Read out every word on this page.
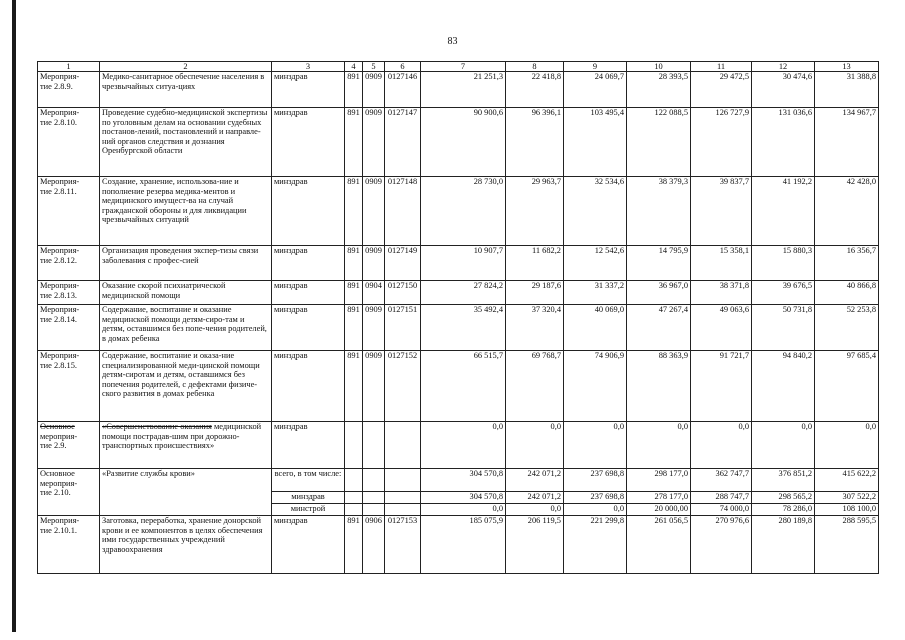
83
1	2	3	4	5	6	7	8	9	10	11	12	13
Мероприя-
тие 2.8.9.	Медико-санитарное обеспечение населения в чрезвычайных ситуа-циях	минздрав	891	0909	0127146	21 251,3	22 418,8	24 069,7	28 393,5	29 472,5	30 474,6	31 388,8
Мероприя-
тие 2.8.10.	Проведение судебно-медицинской экспертизы по уголовным делам на основании судебных постанов-лений, постановлений и направле-ний органов следствия и дознания Оренбургской области	минздрав	891	0909	0127147	90 900,6	96 396,1	103 495,4	122 088,5	126 727,9	131 036,6	134 967,7
Мероприя-
тие 2.8.11.	Создание, хранение, использова-ние и пополнение резерва медика-ментов и медицинского имущест-ва на случай гражданской обороны и для ликвидации чрезвычайных ситуаций	минздрав	891	0909	0127148	28 730,0	29 963,7	32 534,6	38 379,3	39 837,7	41 192,2	42 428,0
Мероприя-
тие 2.8.12.	Организация проведения экспер-тизы связи заболевания с профес-сией	минздрав	891	0909	0127149	10 907,7	11 682,2	12 542,6	14 795,9	15 358,1	15 880,3	16 356,7
Мероприя-
тие 2.8.13.	Оказание скорой психиатрической медицинской помощи	минздрав	891	0904	0127150	27 824,2	29 187,6	31 337,2	36 967,0	38 371,8	39 676,5	40 866,8
Мероприя-
тие 2.8.14.	Содержание, воспитание и оказание медицинской помощи детям-сиро-там и детям, оставшимся без попе-чения родителей, в домах ребенка	минздрав	891	0909	0127151	35 492,4	37 320,4	40 069,0	47 267,4	49 063,6	50 731,8	52 253,8
Мероприя-
тие 2.8.15.	Содержание, воспитание и оказа-ние специализированной меди-цинской помощи детям-сиротам и детям, оставшимся без попечения родителей, с дефектами физиче-ского развития в домах ребенка	минздрав	891	0909	0127152	66 515,7	69 768,7	74 906,9	88 363,9	91 721,7	94 840,2	97 685,4
Основное
мероприя-
тие 2.9.	«Совершенствование оказания медицинской помощи пострадав-шим при дорожно-транспортных происшествиях»	минздрав				0,0	0,0	0,0	0,0	0,0	0,0	0,0
Основное
мероприя-
тие 2.10.	«Развитие службы крови»	всего, в том числе:				304 570,8	242 071,2	237 698,8	298 177,0	362 747,7	376 851,2	415 622,2
		минздрав				304 570,8	242 071,2	237 698,8	278 177,0	288 747,7	298 565,2	307 522,2
		минстрой				0,0	0,0	0,0	20 000,00	74 000,0	78 286,0	108 100,0
Мероприя-
тие 2.10.1.	Заготовка, переработка, хранение донорской крови и ее компонентов в целях обеспечения ими государственных учреждений здравоохранения	минздрав	891	0906	0127153	185 075,9	206 119,5	221 299,8	261 056,5	270 976,6	280 189,8	288 595,5
